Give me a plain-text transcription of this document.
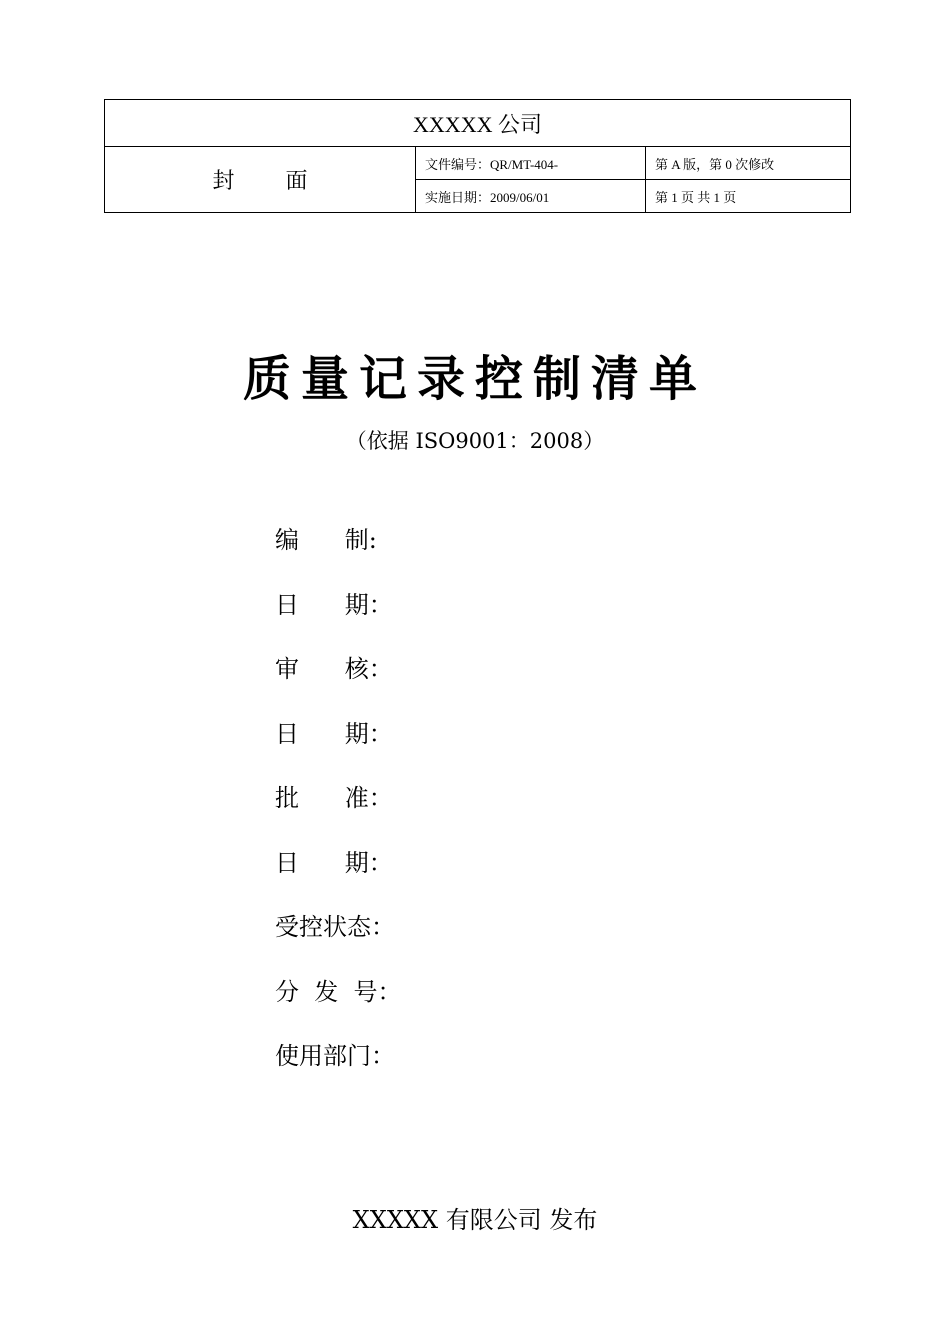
XXXXX 公司		
封 面	文件编号：QR/MT-404-	第 A 版，第 0 次修改
	实施日期：2009/06/01	第 1 页 共 1 页
质量记录控制清单
（依据 ISO9001：2008）
编      制:
日      期：
审      核：
日      期：
批      准：
日      期：
受控状态：
分  发  号：
使用部门：
XXXXX 有限公司 发布
